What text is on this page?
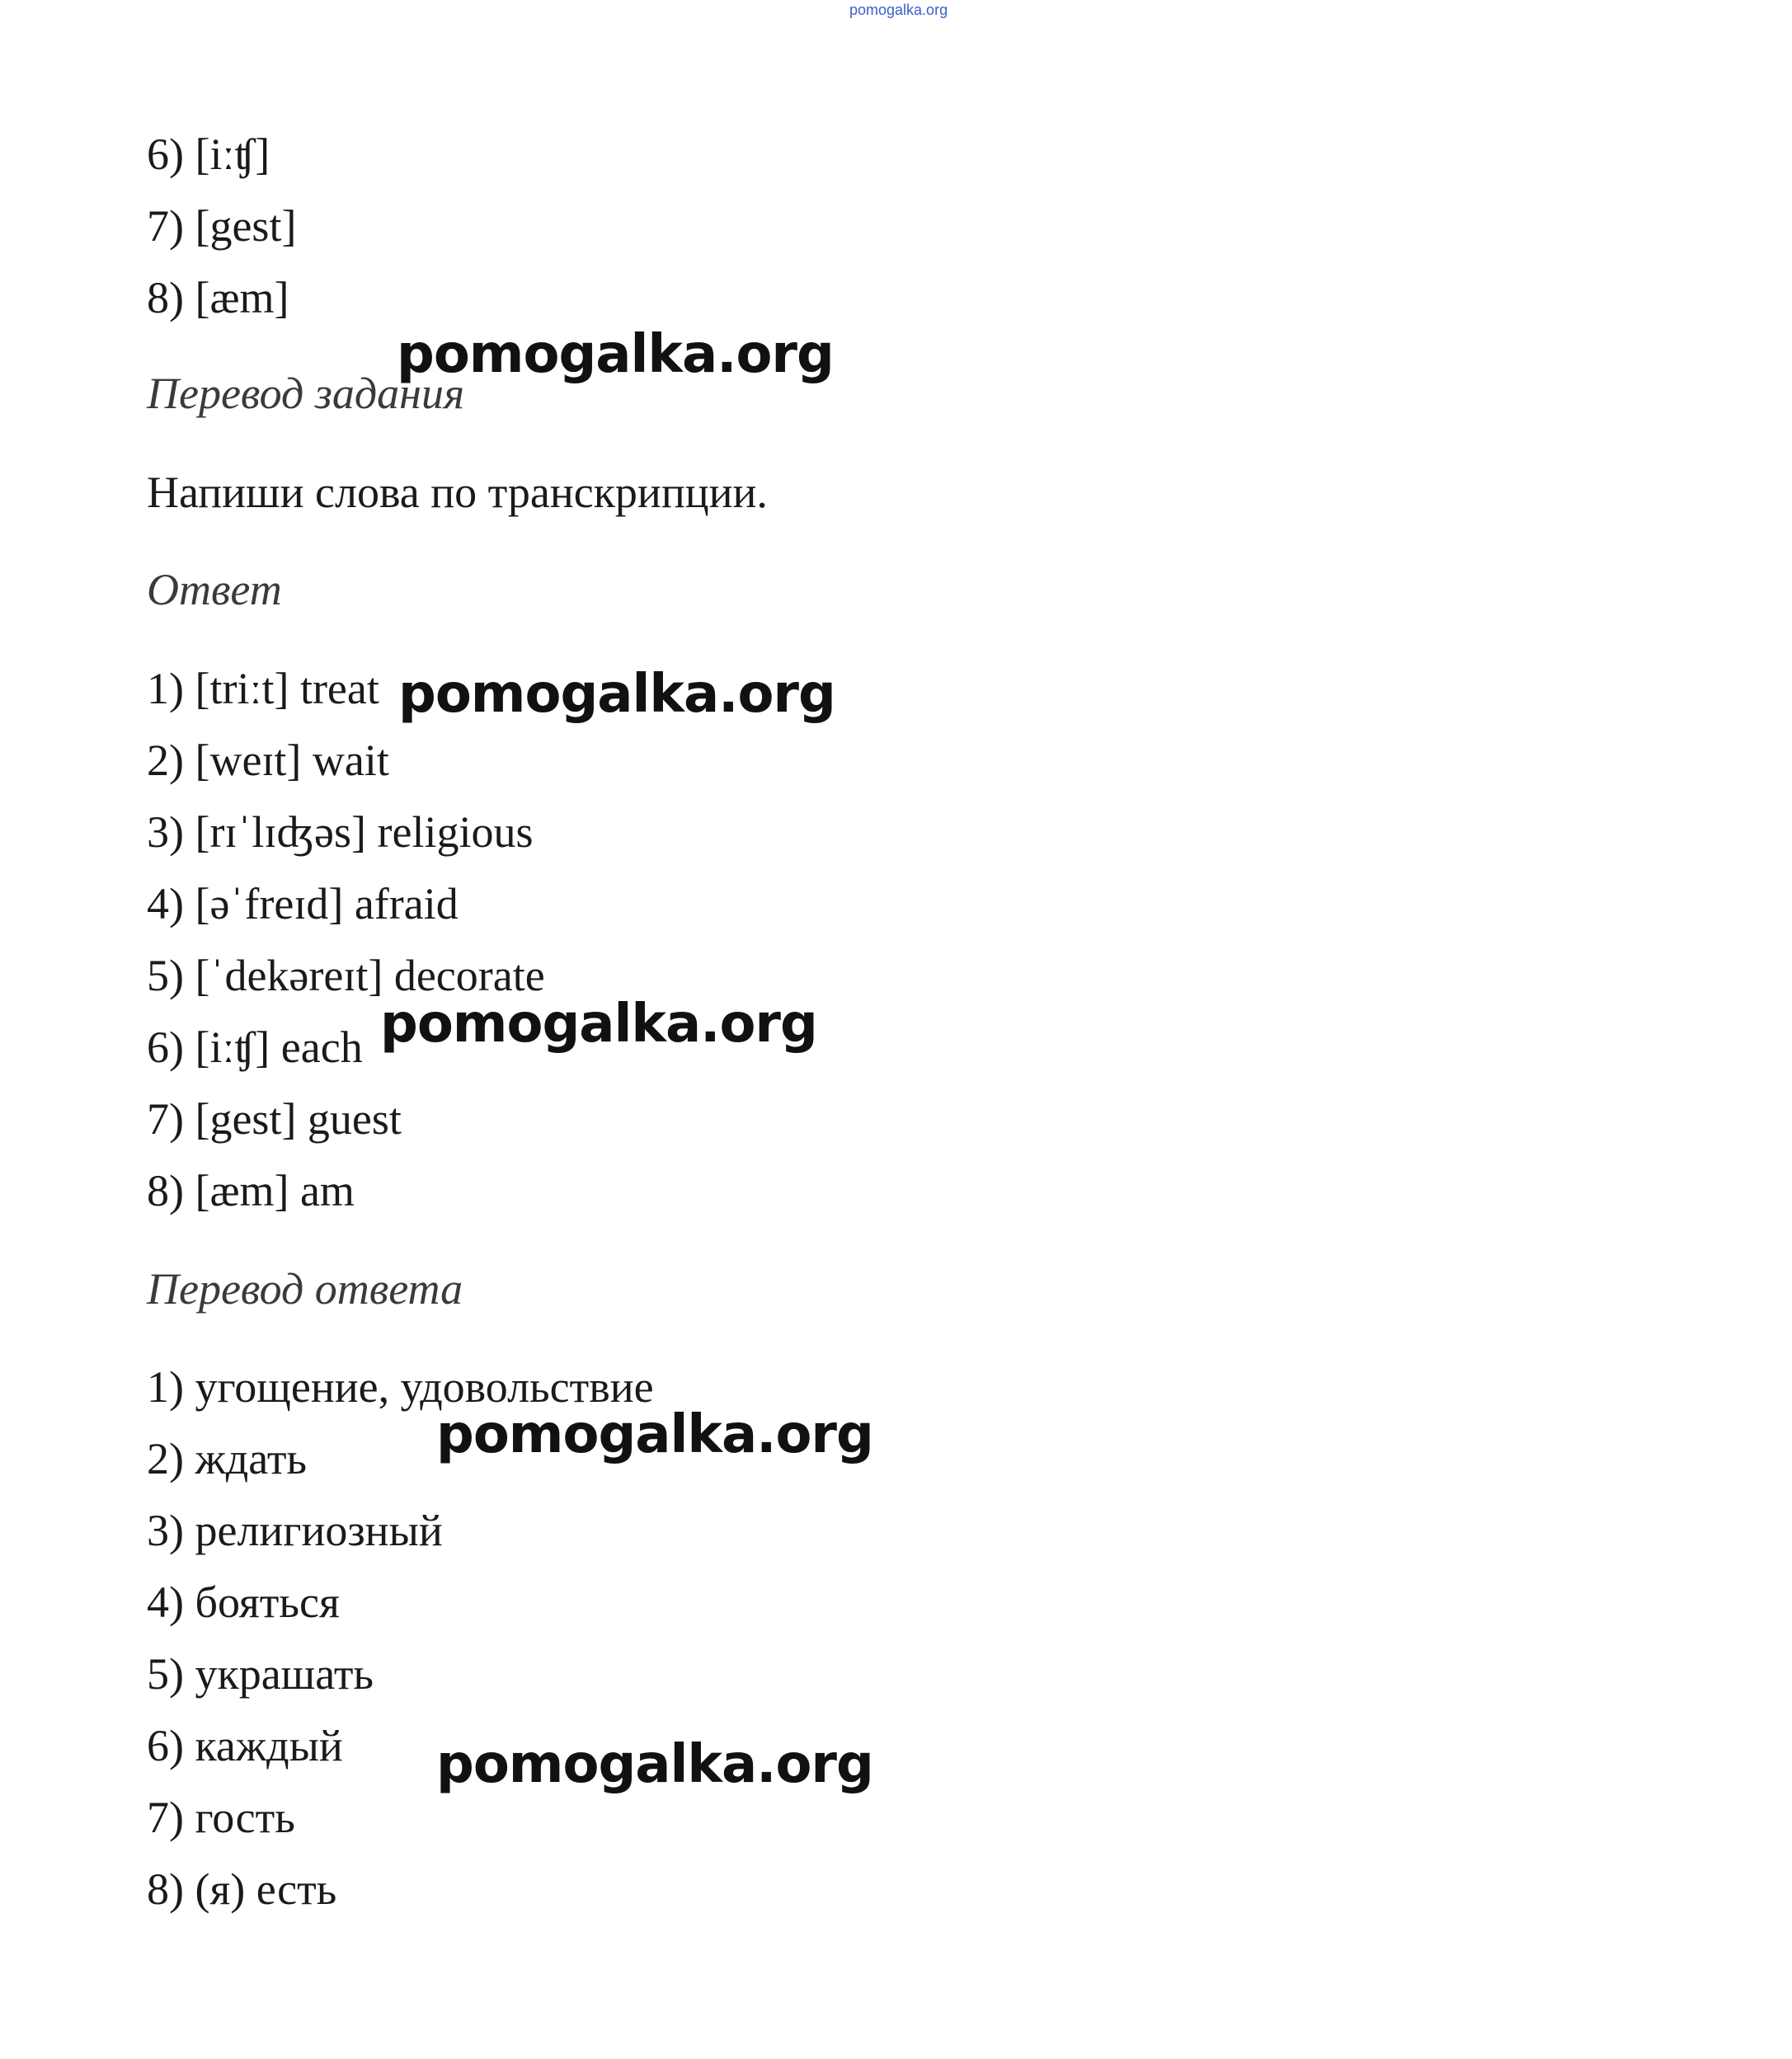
pomogalka.org
6) [iːʧ]
7) [gest]
8) [æm]
Перевод задания
Напиши слова по транскрипции.
Ответ
1) [triːt] treat
2) [weɪt] wait
3) [rɪˈlɪʤəs] religious
4) [əˈfreɪd] afraid
5) [ˈdekəreɪt] decorate
6) [iːʧ] each
7) [gest] guest
8) [æm] am
Перевод ответа
1) угощение, удовольствие
2) ждать
3) религиозный
4) бояться
5) украшать
6) каждый
7) гость
8) (я) есть
pomogalka.org
pomogalka.org
pomogalka.org
pomogalka.org
pomogalka.org
